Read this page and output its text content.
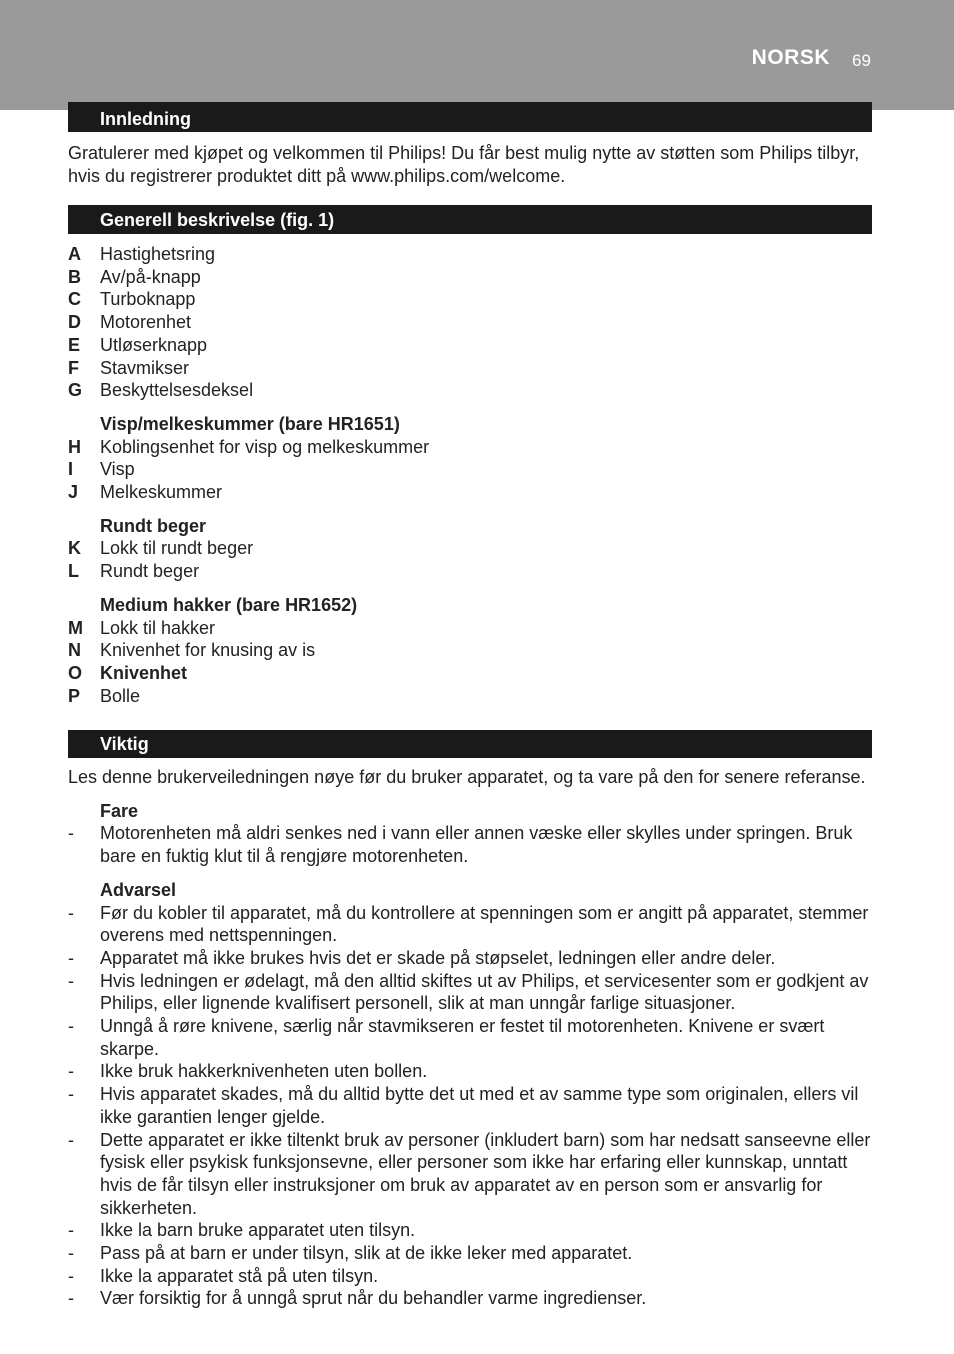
NORSK 69
Innledning

Gratulerer med kjøpet og velkommen til Philips! Du får best mulig nytte av støtten som Philips tilbyr, hvis du registrerer produktet ditt på www.philips.com/welcome.

Generell beskrivelse (fig. 1)
A	Hastighetsring
B	Av/på-knapp
C	Turboknapp
D	Motorenhet
E	Utløserknapp
F	Stavmikser
G Beskyttelsesdeksel
Visp/melkeskummer (bare HR1651)
H	Koblingsenhet for visp og melkeskummer
I	Visp
J	Melkeskummer
Rundt beger
K	Lokk til rundt beger
L	Rundt beger
Medium hakker (bare HR1652)
M Lokk til hakker
N	Knivenhet for knusing av is
O Knivenhet
P	Bolle
Viktig

Les denne brukerveiledningen nøye før du bruker apparatet, og ta vare på den for senere referanse.

Fare
-	Motorenheten må aldri senkes ned i vann eller annen væske eller skylles under springen. Bruk bare en fuktig klut til å rengjøre motorenheten.
Advarsel
-	Før du kobler til apparatet, må du kontrollere at spenningen som er angitt på apparatet, stemmer overens med nettspenningen.
-	Apparatet må ikke brukes hvis det er skade på støpselet, ledningen eller andre deler.
-	Hvis ledningen er ødelagt, må den alltid skiftes ut av Philips, et servicesenter som er godkjent av Philips, eller lignende kvalifisert personell, slik at man unngår farlige situasjoner.
-	Unngå å røre knivene, særlig når stavmikseren er festet til motorenheten. Knivene er svært skarpe.
-	Ikke bruk hakkerknivenheten uten bollen.
-	Hvis apparatet skades, må du alltid bytte det ut med et av samme type som originalen, ellers vil ikke garantien lenger gjelde.
-	Dette apparatet er ikke tiltenkt bruk av personer (inkludert barn) som har nedsatt sanseevne eller fysisk eller psykisk funksjonsevne, eller personer som ikke har erfaring eller kunnskap, unntatt hvis de får tilsyn eller instruksjoner om bruk av apparatet av en person som er ansvarlig for sikkerheten.
-	Ikke la barn bruke apparatet uten tilsyn.
-	Pass på at barn er under tilsyn, slik at de ikke leker med apparatet.
-	Ikke la apparatet stå på uten tilsyn.
-	Vær forsiktig for å unngå sprut når du behandler varme ingredienser.
